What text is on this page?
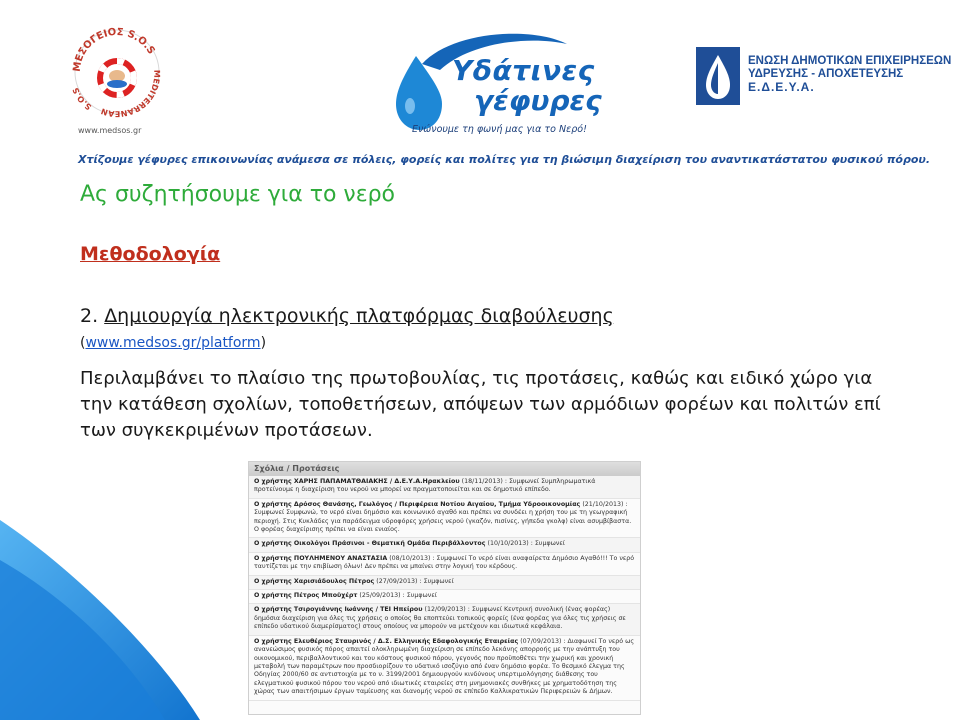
ΜΕΣΟΓΕΙΟΣ S.O.S
MEDITERRANEAN
S.O.S
www.medsos.gr
Υδάτινες
γέφυρες
Ενώνουμε τη φωνή μας για το Νερό!
ΕΝΩΣΗ ΔΗΜΟΤΙΚΩΝ ΕΠΙΧΕΙΡΗΣΕΩΝ
ΥΔΡΕΥΣΗΣ - ΑΠΟΧΕΤΕΥΣΗΣ
Ε.Δ.Ε.Υ.Α.
Χτίζουμε γέφυρες επικοινωνίας ανάμεσα σε πόλεις, φορείς και πολίτες για τη βιώσιμη διαχείριση του αναντικατάστατου φυσικού πόρου.
Ας συζητήσουμε για το νερό
Μεθοδολογία
2. Δημιουργία ηλεκτρονικής πλατφόρμας διαβούλευσης
(www.medsos.gr/platform)
Περιλαμβάνει το πλαίσιο της πρωτοβουλίας, τις προτάσεις, καθώς και ειδικό χώρο για την κατάθεση σχολίων, τοποθετήσεων, απόψεων των αρμόδιων φορέων και πολιτών επί των συγκεκριμένων προτάσεων.
Σχόλια / Προτάσεις
Ο χρήστης ΧΑΡΗΣ ΠΑΠΑΜΑΤΘΑΙΑΚΗΣ / Δ.Ε.Υ.Α.Ηρακλείου (18/11/2013) : Συμφωνεί Συμπληρωματικά προτείνουμε η διαχείριση του νερού να μπορεί να πραγματοποιείται και σε δημοτικό επίπεδο.
Ο χρήστης Δρόσος Θανάσης, Γεωλόγος / Περιφέρεια Νοτίου Αιγαίου, Τμήμα Υδροοικονομίας (21/10/2013) : Συμφωνεί Συμφωνώ, το νερό είναι δημόσιο και κοινωνικό αγαθό και πρέπει να συνδέει η χρήση του με τη γεωγραφική περιοχή. Στις Κυκλάδες για παράδειγμα υδροφόρες χρήσεις νερού (γκαζόν, πισίνες, γήπεδα γκολφ) είναι ασυμβίβαστα. Ο φορέας διαχείρισης πρέπει να είναι ενιαίος.
Ο χρήστης Οικολόγοι Πράσινοι - Θεματική Ομάδα Περιβάλλοντος (10/10/2013) : Συμφωνεί
Ο χρήστης ΠΟΥΛΗΜΕΝΟΥ ΑΝΑΣΤΑΣΙΑ (08/10/2013) : Συμφωνεί Το νερό είναι αναφαίρετα Δημόσιο Αγαθό!!! Το νερό ταυτίζεται με την επιβίωση όλων! Δεν πρέπει να μπαίνει στην λογική του κέρδους.
Ο χρήστης Χαρισιάδουλος Πέτρος (27/09/2013) : Συμφωνεί
Ο χρήστης Πέτρος Μποϋχέρτ (25/09/2013) : Συμφωνεί
Ο χρήστης Τσιρογιάννης Ιωάννης / ΤΕΙ Ηπείρου (12/09/2013) : Συμφωνεί Κεντρική συνολική (ένας φορέας) δημόσια διαχείριση για όλες τις χρήσεις ο οποίος θα εποπτεύει τοπικούς φορείς (ένα φορέας για όλες τις χρήσεις σε επίπεδο υδατικού διαμερίσματος) στους οποίους να μπορούν να μετέχουν και ιδιωτικά κεφάλαια.
Ο χρήστης Ελευθέριος Σταυρινός / Δ.Σ. Ελληνικής Εδαφολογικής Εταιρείας (07/09/2013) : Διαφωνεί Το νερό ως ανανεώσιμος φυσικός πόρος απαιτεί ολοκληρωμένη διαχείριση σε επίπεδο λεκάνης απορροής με την ανάπτυξη του οικονομικού, περιβαλλοντικού και του κόστους φυσικού πόρου, γεγονός που προϋποθέτει την χωρική και χρονική μεταβολή των παραμέτρων που προσδιορίζουν το υδατικό ισοζύγιο από έναν δημόσιο φορέα. Το θεσμικό έλεγμα της Οδηγίας 2000/60 σε αντιστοιχία με το ν. 3199/2001 δημιουργούν κινδύνους υπερτιμολόγησης διάθεσης του ελεγματικού φυσικού πόρου του νερού από ιδιωτικές εταιρείες στη μνημονιακές συνθήκες με χρηματοδότηση της χώρας των απαιτήσιμων έργων ταμίευσης και διανομής νερού σε επίπεδο Καλλικρατικών Περιφερειών & Δήμων.
